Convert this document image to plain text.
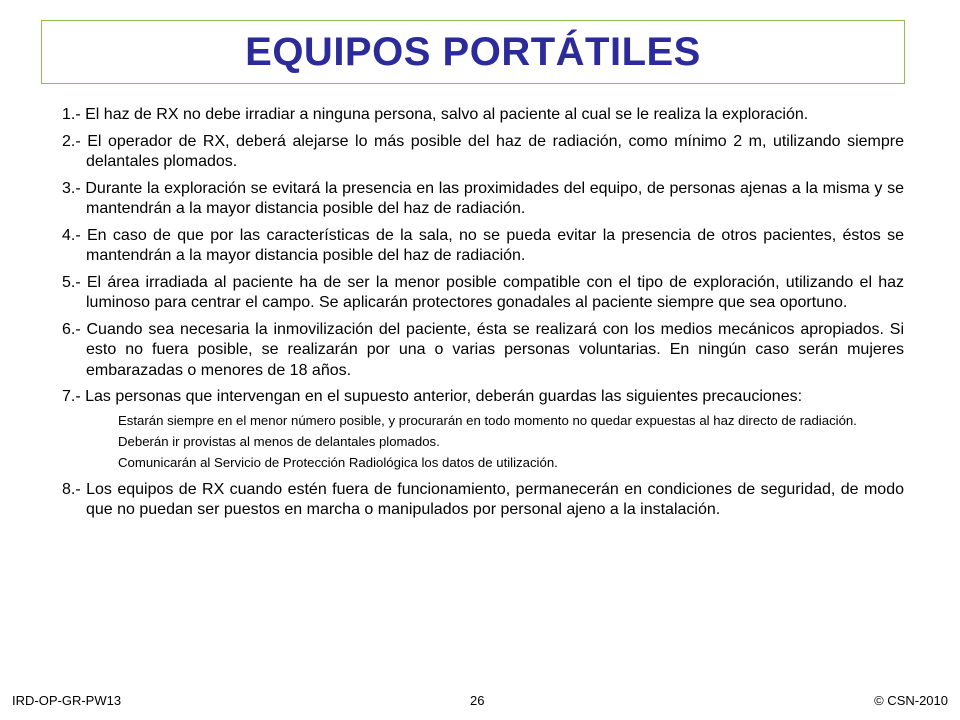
EQUIPOS PORTÁTILES
1.- El haz de RX no debe irradiar a ninguna persona, salvo al paciente al cual se le realiza la exploración.
2.- El operador de RX, deberá alejarse lo más posible del haz de radiación, como mínimo 2 m, utilizando siempre delantales plomados.
3.- Durante la exploración se evitará la presencia en las proximidades del equipo, de personas ajenas a la misma y se mantendrán a la mayor distancia posible del haz de radiación.
4.- En caso de que por las características de la sala, no se pueda evitar la presencia de otros pacientes, éstos se mantendrán a la mayor distancia posible del haz de radiación.
5.- El área irradiada al paciente ha de ser la menor posible compatible con el tipo de exploración, utilizando el haz luminoso para centrar el campo. Se aplicarán protectores gonadales al paciente siempre que sea oportuno.
6.- Cuando sea necesaria la inmovilización del paciente, ésta se realizará con los medios mecánicos apropiados. Si esto no fuera posible, se realizarán por una o varias personas voluntarias. En ningún caso serán mujeres embarazadas o menores de 18 años.
7.- Las personas que intervengan en el supuesto anterior, deberán guardas las siguientes precauciones:
Estarán siempre en el menor número posible, y procurarán en todo momento no quedar expuestas al haz directo de radiación.
Deberán ir provistas al menos de delantales plomados.
Comunicarán al Servicio de Protección Radiológica los datos de utilización.
8.- Los equipos de RX cuando estén fuera de funcionamiento, permanecerán en condiciones de seguridad, de modo que no puedan ser puestos en marcha o manipulados por personal ajeno a la instalación.
IRD-OP-GR-PW13	26	© CSN-2010
